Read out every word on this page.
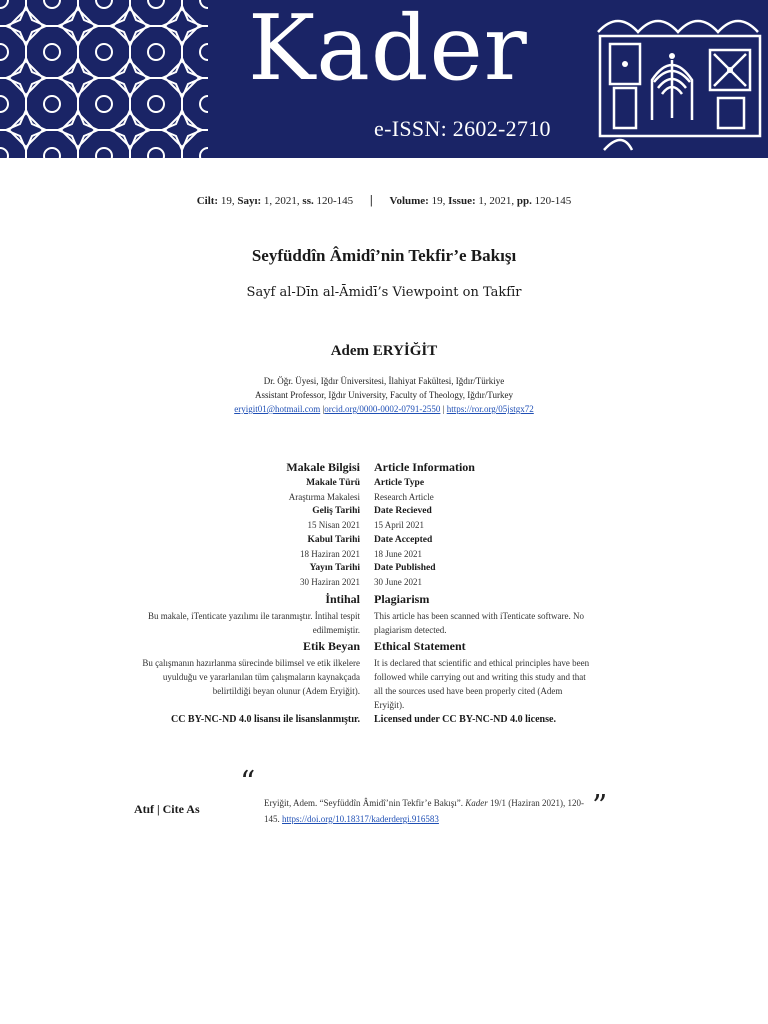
Kader
e-ISSN: 2602-2710
Cilt: 19, Sayı: 1, 2021, ss. 120-145 | Volume: 19, Issue: 1, 2021, pp. 120-145
Seyfüddîn Âmidî’nin Tekfir’e Bakışı
Sayf al-Dīn al-Āmidī’s Viewpoint on Takfīr
Adem ERYİĞİT
Dr. Öğr. Üyesi, Iğdır Üniversitesi, İlahiyat Fakültesi, Iğdır/Türkiye
Assistant Professor, Iğdır University, Faculty of Theology, Iğdır/Turkey
eryigit01@hotmail.com |orcid.org/0000-0002-0791-2550 | https://ror.org/05jstgx72
Makale Bilgisi Article Information
Makale Türü Article Type
Araştırma Makalesi Research Article
Geliş Tarihi Date Recieved
15 Nisan 2021 15 April 2021
Kabul Tarihi Date Accepted
18 Haziran 2021 18 June 2021
Yayın Tarihi Date Published
30 Haziran 2021 30 June 2021
İntihal Plagiarism
Bu makale, iTenticate yazılımı ile taranmıştır. İntihal tespit edilmemiştir.
This article has been scanned with iTenticate software. No plagiarism detected.
Etik Beyan Ethical Statement
Bu çalışmanın hazırlanma sürecinde bilimsel ve etik ilkelere uyulduğu ve yararlanılan tüm çalışmaların kaynakçada belirtildiği beyan olunur (Adem Eryiğit).
It is declared that scientific and ethical principles have been followed while carrying out and writing this study and that all the sources used have been properly cited (Adem Eryiğit).
CC BY-NC-ND 4.0 lisansı ile lisanslanmıştır. Licensed under CC BY-NC-ND 4.0 license.
Atıf | Cite As
“
Eryiğit, Adem. “Seyfüddîn Âmidî’nin Tekfir’e Bakışı”. Kader 19/1 (Haziran 2021), 120-145. https://doi.org/10.18317/kaderdergi.916583	”
